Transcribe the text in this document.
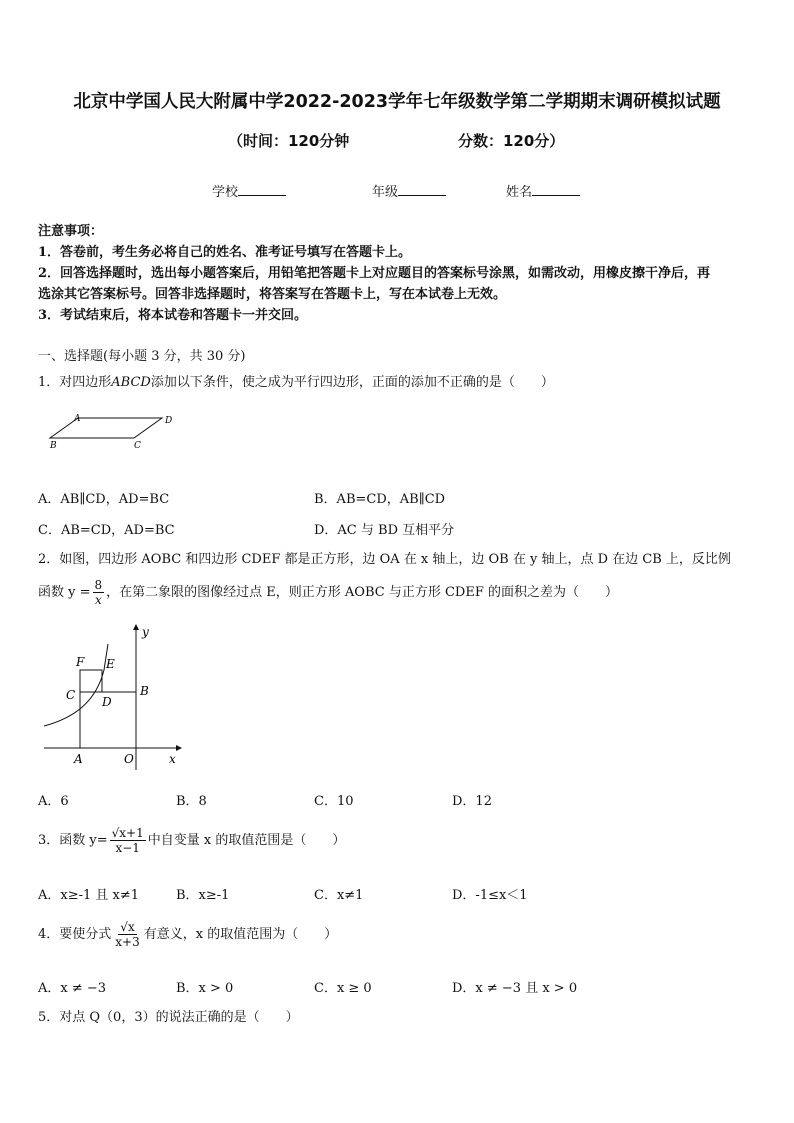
北京中学国人民大附属中学2022-2023学年七年级数学第二学期期末调研模拟试题
（时间：120分钟	分数：120分）
学校	年级	姓名
注意事项：
1．答卷前，考生务必将自己的姓名、准考证号填写在答题卡上。
2．回答选择题时，选出每小题答案后，用铅笔把答题卡上对应题目的答案标号涂黑，如需改动，用橡皮擦干净后，再
选涂其它答案标号。回答非选择题时，将答案写在答题卡上，写在本试卷上无效。
3．考试结束后，将本试卷和答题卡一并交回。
一、选择题(每小题 3 分，共 30 分)
1．对四边形ABCD添加以下条件，使之成为平行四边形，正面的添加不正确的是（　　）
A	D
B	C
A．AB∥CD，AD=BC	B．AB=CD，AB∥CD
C．AB=CD，AD=BC	D．AC 与 BD 互相平分
2．如图，四边形 AOBC 和四边形 CDEF 都是正方形，边 OA 在 x 轴上，边 OB 在 y 轴上，点 D 在边 CB 上，反比例
函数 $y = \frac{8}{x}$ ，在第二象限的图像经过点 E，则正方形 AOBC 与正方形 CDEF 的面积之差为（　　）
y
F E
C	B
D
A	O	x
A．6	B．8	C．10	D．12
3．函数 $y= \frac{√x+1}{x-1}$ 中自变量 x 的取值范围是（　　）
A．x≥-1 且 x≠1	B．x≥-1	C．x≠1	D．-1≤x＜1
4．要使分式 $\frac{√x}{x+3}$ 有意义，x 的取值范围为（　　）
A．x ≠ −3	B．x > 0	C．x ≥ 0	D．x ≠ −3 且 x > 0
5．对点 Q（0，3）的说法正确的是（　　）
